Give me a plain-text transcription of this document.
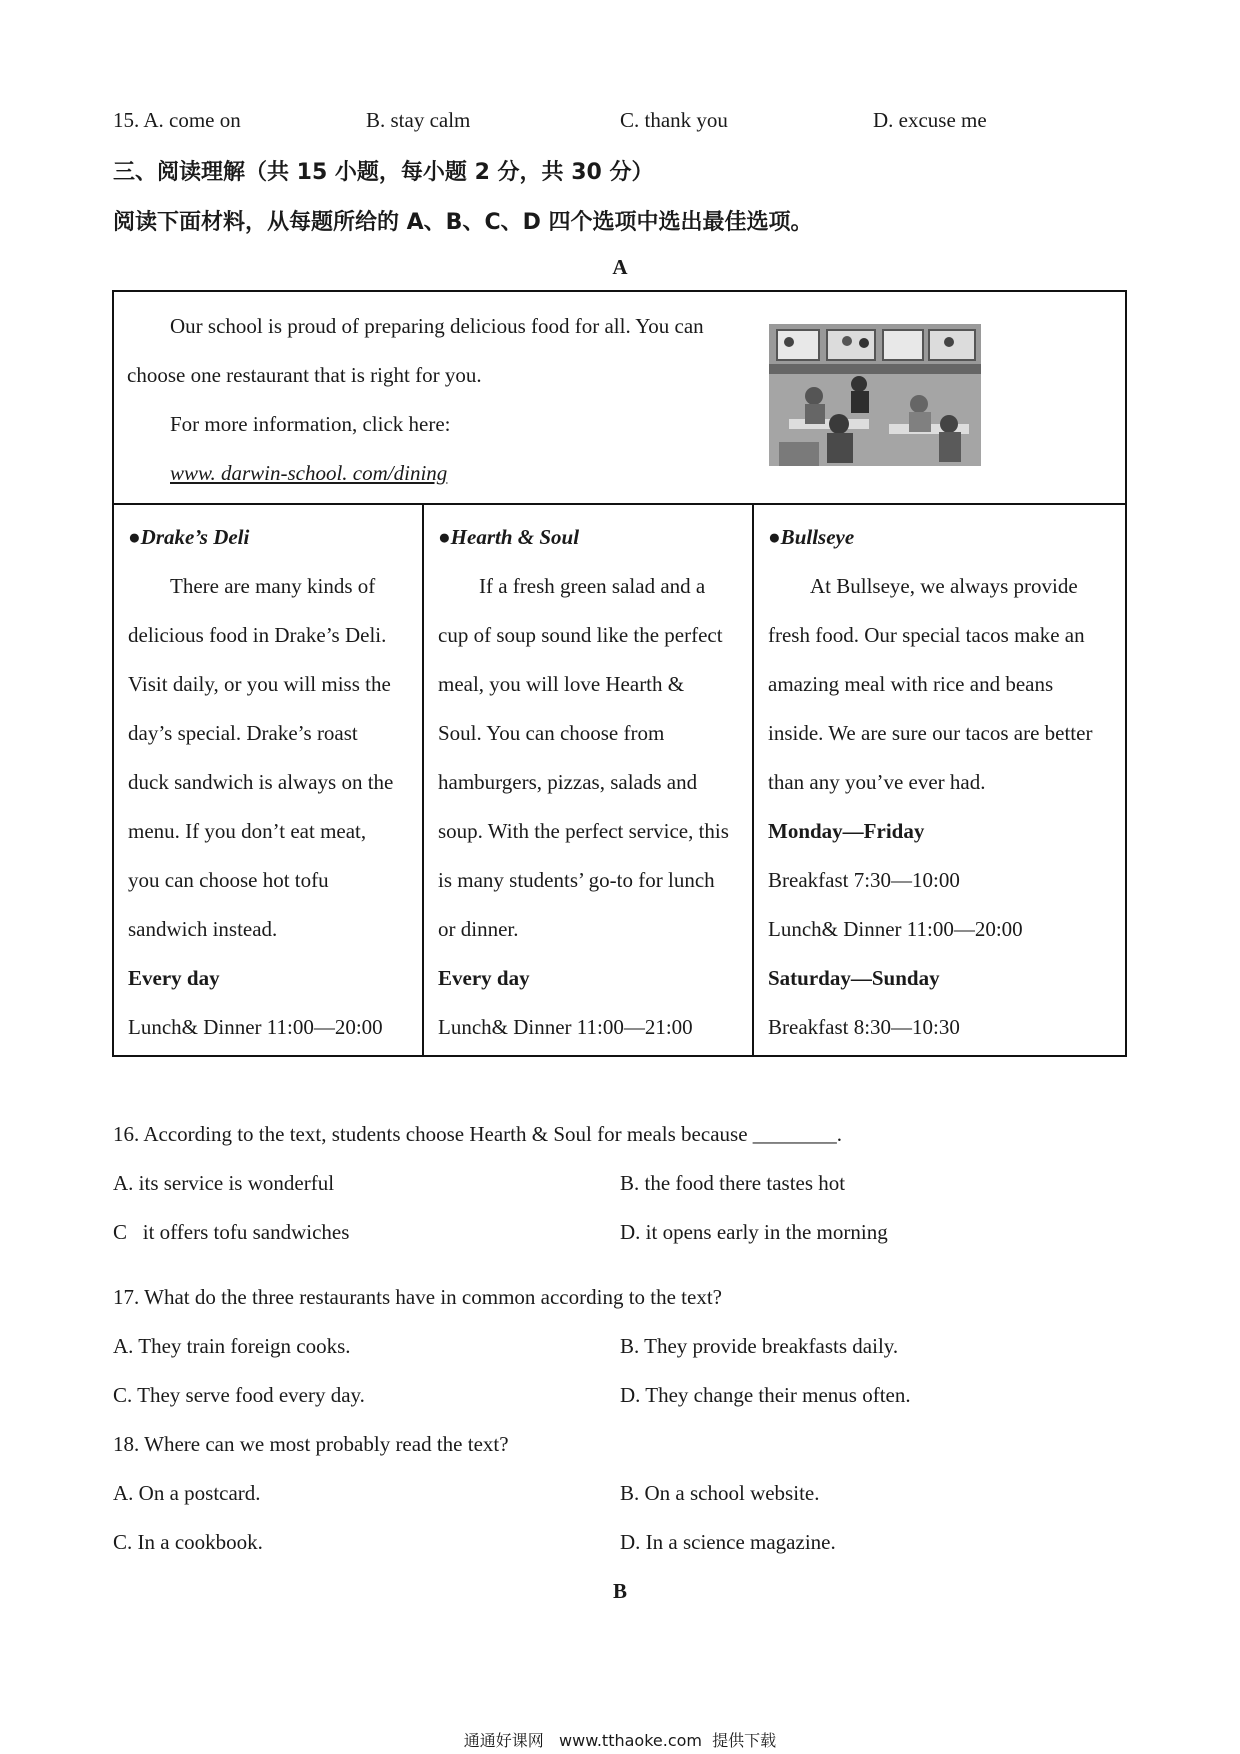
15. A. come on	B. stay calm	C. thank you	D. excuse me
三、阅读理解（共 15 小题，每小题 2 分，共 30 分）
阅读下面材料，从每题所给的 A、B、C、D 四个选项中选出最佳选项。
A
Our school is proud of preparing delicious food for all. You can
choose one restaurant that is right for you.
For more information, click here:
www. darwin-school. com/dining
●Drake’s Deli
There are many kinds of
delicious food in Drake’s Deli.
Visit daily, or you will miss the
day’s special. Drake’s roast
duck sandwich is always on the
menu. If you don’t eat meat,
you can choose hot tofu
sandwich instead.
Every day
Lunch& Dinner 11:00—20:00
●Hearth & Soul
If a fresh green salad and a
cup of soup sound like the perfect
meal, you will love Hearth &
Soul. You can choose from
hamburgers, pizzas, salads and
soup. With the perfect service, this
is many students’ go-to for lunch
or dinner.
Every day
Lunch& Dinner 11:00—21:00
●Bullseye
At Bullseye, we always provide
fresh food. Our special tacos make an
amazing meal with rice and beans
inside. We are sure our tacos are better
than any you’ve ever had.
Monday—Friday
Breakfast 7:30—10:00
Lunch& Dinner 11:00—20:00
Saturday—Sunday
Breakfast 8:30—10:30
16. According to the text, students choose Hearth & Soul for meals because ________.
A. its service is wonderful	B. the food there tastes hot
C   it offers tofu sandwiches	D. it opens early in the morning
17. What do the three restaurants have in common according to the text?
A. They train foreign cooks.	B. They provide breakfasts daily.
C. They serve food every day.	D. They change their menus often.
18. Where can we most probably read the text?
A. On a postcard.	B. On a school website.
C. In a cookbook.	D. In a science magazine.
B
通通好课网   www.tthaoke.com  提供下载
